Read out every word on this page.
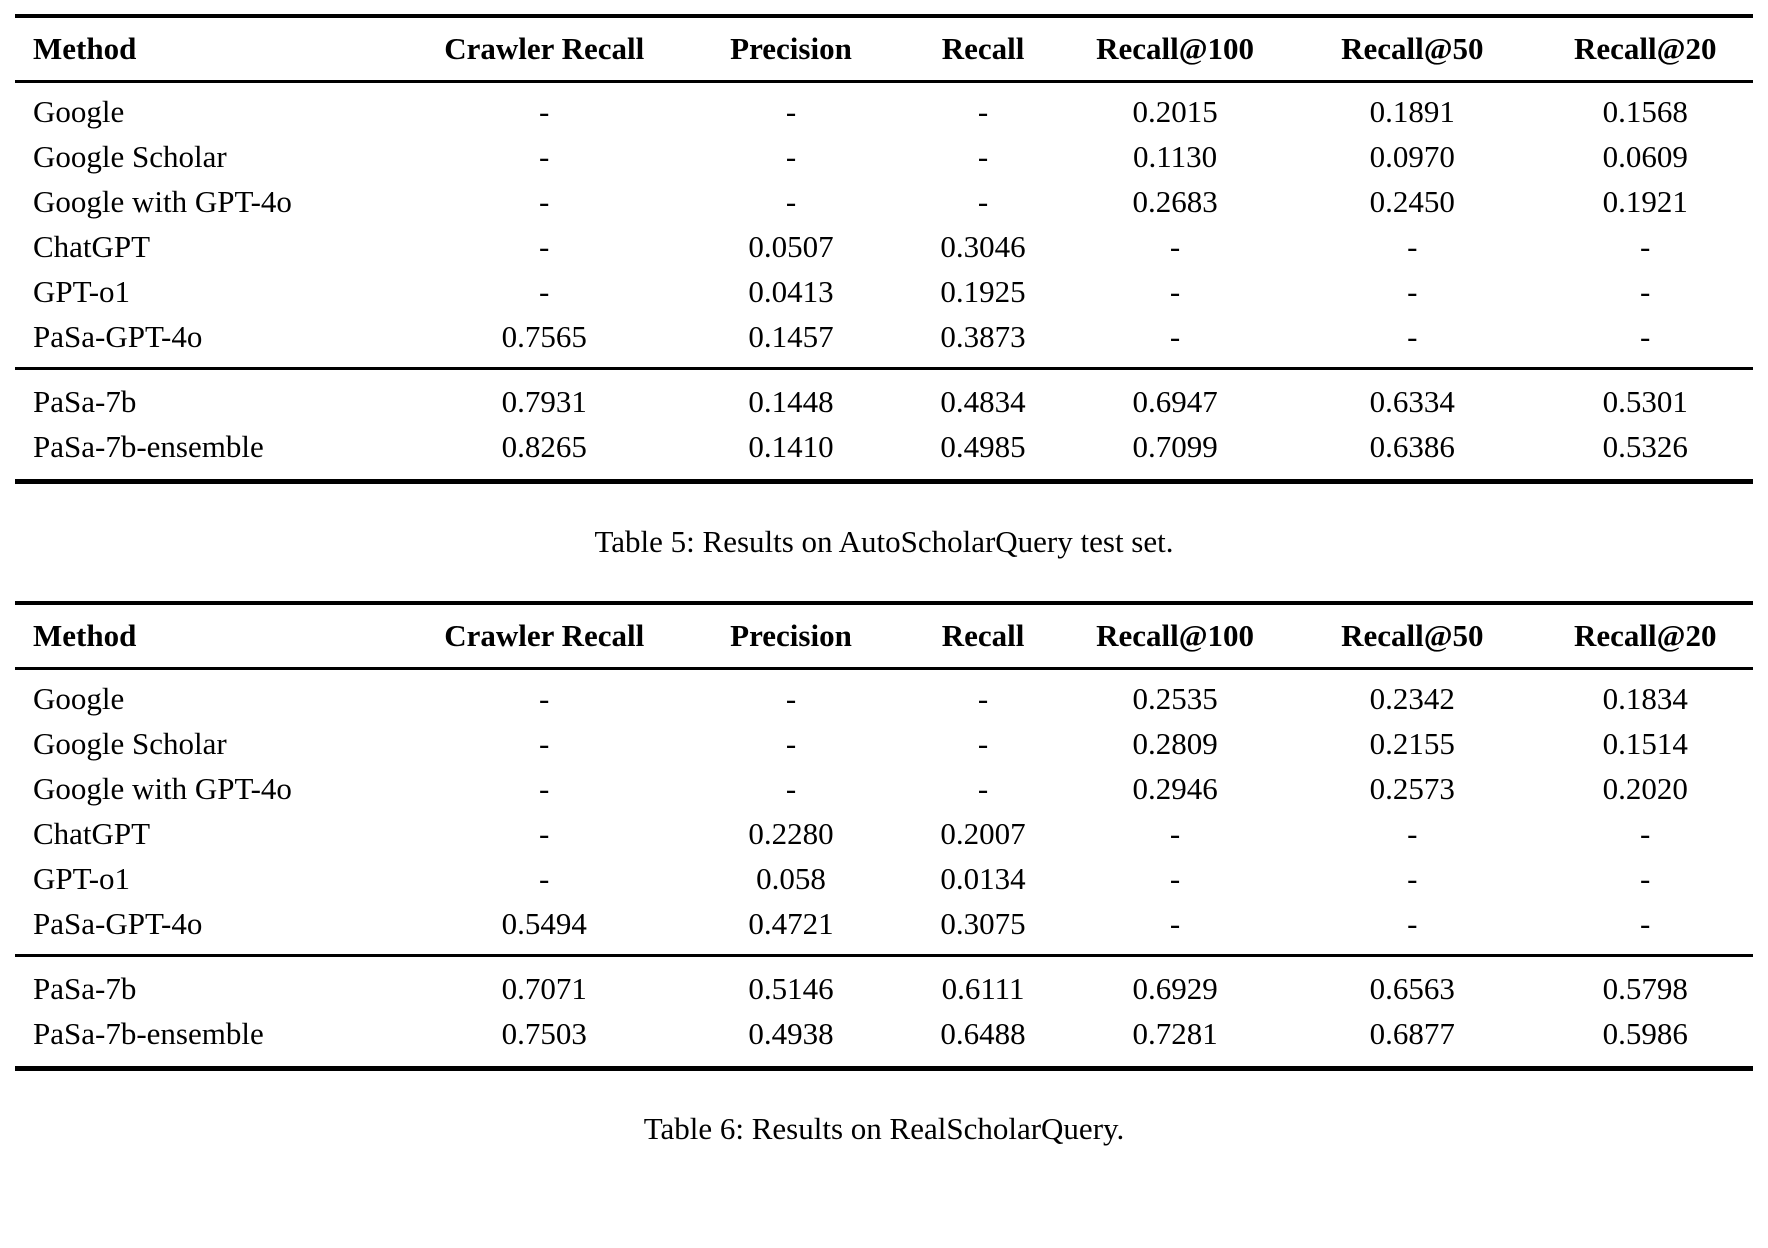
Method	Crawler Recall	Precision	Recall	Recall@100	Recall@50	Recall@20
Google	-	-	-	0.2015	0.1891	0.1568
Google Scholar	-	-	-	0.1130	0.0970	0.0609
Google with GPT-4o	-	-	-	0.2683	0.2450	0.1921
ChatGPT	-	0.0507	0.3046	-	-	-
GPT-o1	-	0.0413	0.1925	-	-	-
PaSa-GPT-4o	0.7565	0.1457	0.3873	-	-	-
PaSa-7b	0.7931	0.1448	0.4834	0.6947	0.6334	0.5301
PaSa-7b-ensemble	0.8265	0.1410	0.4985	0.7099	0.6386	0.5326
Table 5: Results on AutoScholarQuery test set.
Method	Crawler Recall	Precision	Recall	Recall@100	Recall@50	Recall@20
Google	-	-	-	0.2535	0.2342	0.1834
Google Scholar	-	-	-	0.2809	0.2155	0.1514
Google with GPT-4o	-	-	-	0.2946	0.2573	0.2020
ChatGPT	-	0.2280	0.2007	-	-	-
GPT-o1	-	0.058	0.0134	-	-	-
PaSa-GPT-4o	0.5494	0.4721	0.3075	-	-	-
PaSa-7b	0.7071	0.5146	0.6111	0.6929	0.6563	0.5798
PaSa-7b-ensemble	0.7503	0.4938	0.6488	0.7281	0.6877	0.5986
Table 6: Results on RealScholarQuery.
